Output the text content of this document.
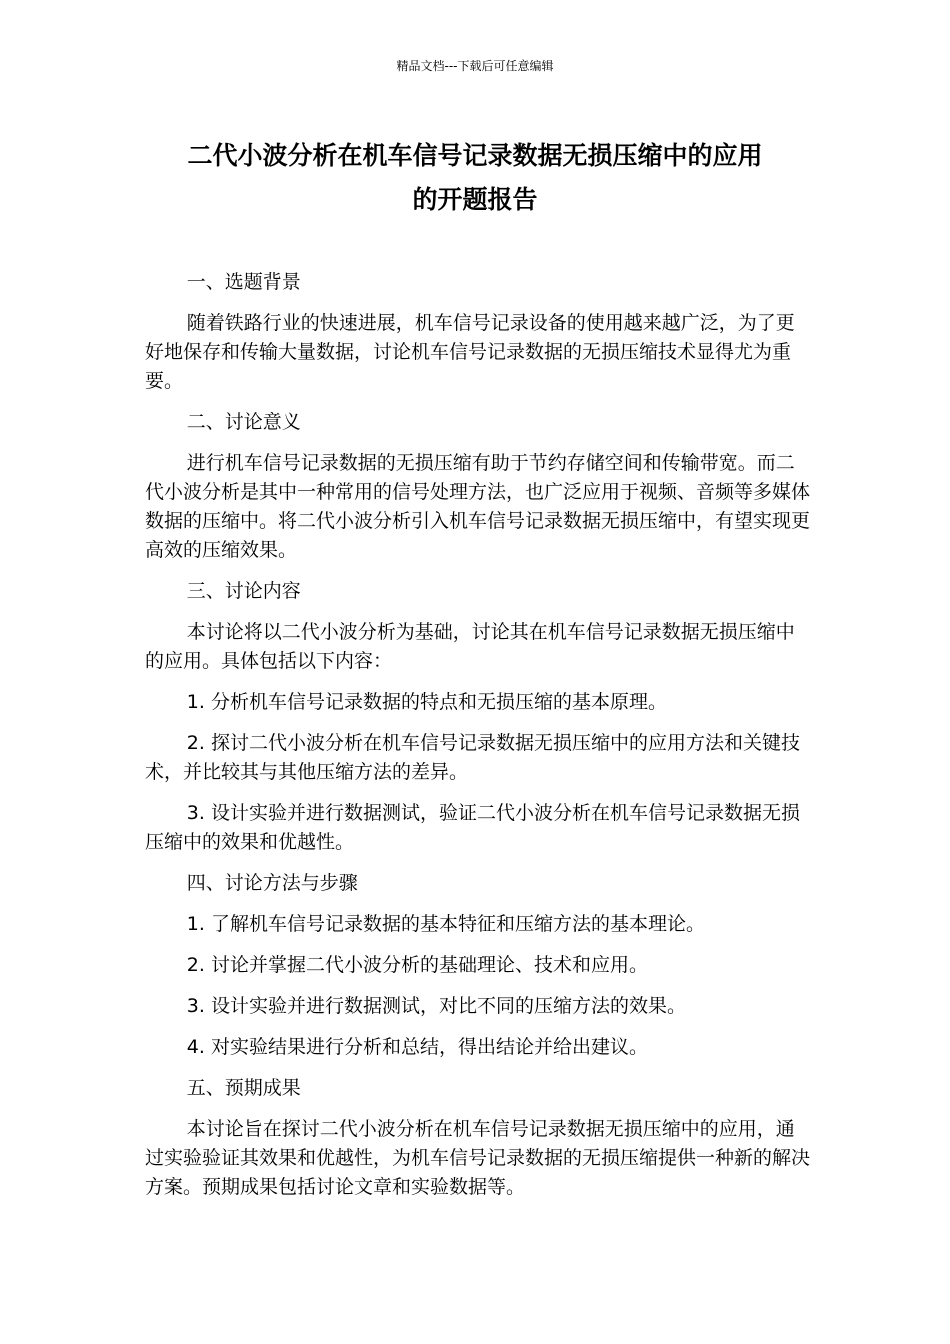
精品文档---下载后可任意编辑
二代小波分析在机车信号记录数据无损压缩中的应用
的开题报告

一、选题背景

随着铁路行业的快速进展，机车信号记录设备的使用越来越广泛，为了更好地保存和传输大量数据，讨论机车信号记录数据的无损压缩技术显得尤为重要。

二、讨论意义

进行机车信号记录数据的无损压缩有助于节约存储空间和传输带宽。而二代小波分析是其中一种常用的信号处理方法，也广泛应用于视频、音频等多媒体数据的压缩中。将二代小波分析引入机车信号记录数据无损压缩中，有望实现更高效的压缩效果。

三、讨论内容

本讨论将以二代小波分析为基础，讨论其在机车信号记录数据无损压缩中的应用。具体包括以下内容：

1. 分析机车信号记录数据的特点和无损压缩的基本原理。

2. 探讨二代小波分析在机车信号记录数据无损压缩中的应用方法和关键技术，并比较其与其他压缩方法的差异。

3. 设计实验并进行数据测试，验证二代小波分析在机车信号记录数据无损压缩中的效果和优越性。

四、讨论方法与步骤

1. 了解机车信号记录数据的基本特征和压缩方法的基本理论。

2. 讨论并掌握二代小波分析的基础理论、技术和应用。

3. 设计实验并进行数据测试，对比不同的压缩方法的效果。

4. 对实验结果进行分析和总结，得出结论并给出建议。

五、预期成果

本讨论旨在探讨二代小波分析在机车信号记录数据无损压缩中的应用，通过实验验证其效果和优越性，为机车信号记录数据的无损压缩提供一种新的解决方案。预期成果包括讨论文章和实验数据等。
